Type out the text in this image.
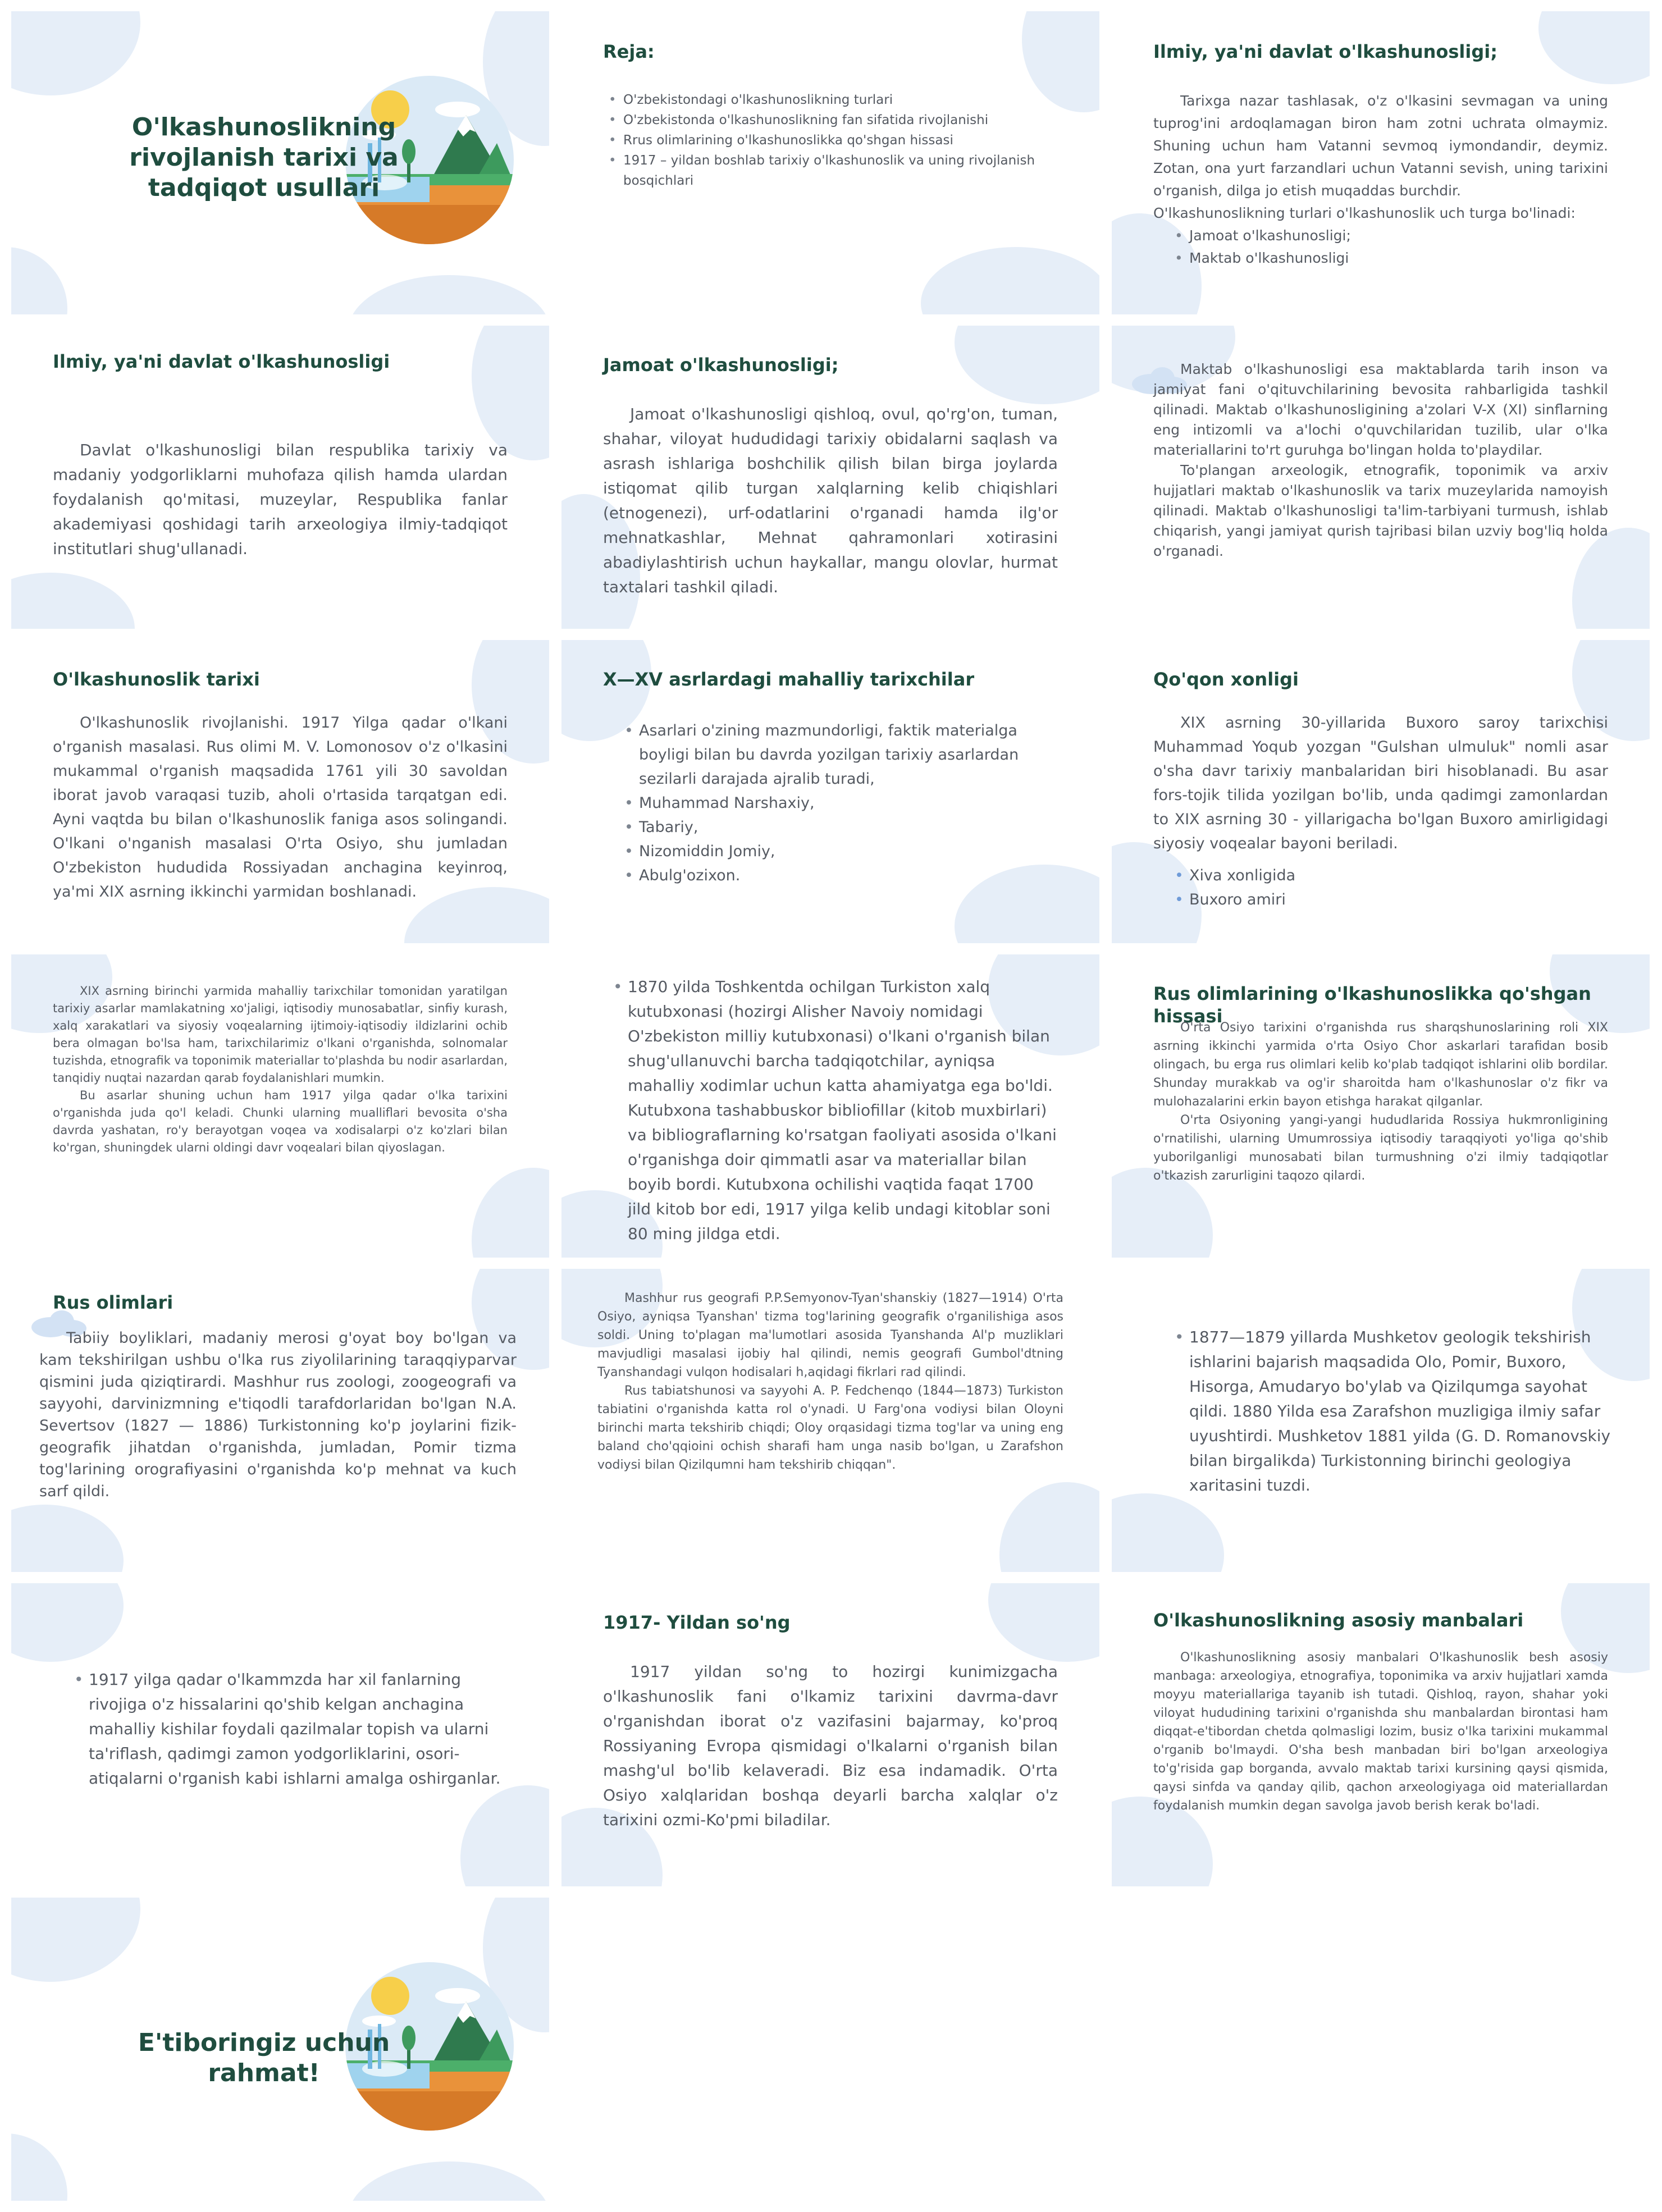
O'lkashunoslikning rivojlanish tarixi va tadqiqot usullari
Reja:
• O'zbekistondagi o'lkashunoslikning turlari
• O'zbekistonda o'lkashunoslikning fan sifatida rivojlanishi
• Rrus olimlarining o'lkashunoslikka qo'shgan hissasi
• 1917 – yildan boshlab tarixiy o'lkashunoslik va uning rivojlanish bosqichlari
Ilmiy, ya'ni davlat o'lkashunosligi;

Tarixga nazar tashlasak, o'z o'lkasini sevmagan va uning tuprog'ini ardoqlamagan biron ham zotni uchrata olmaymiz. Shuning uchun ham Vatanni sevmoq iymondandir, deymiz. Zotan, ona yurt farzandlari uchun Vatanni sevish, uning tarixini o'rganish, dilga jo etish muqaddas burchdir.

O'lkashunoslikning turlari o'lkashunoslik uch turga bo'linadi:

• Jamoat o'lkashunosligi;
• Maktab o'lkashunosligi
Ilmiy, ya'ni davlat o'lkashunosligi

Davlat o'lkashunosligi bilan respublika tarixiy va madaniy yodgorliklarni muhofaza qilish hamda ulardan foydalanish qo'mitasi, muzeylar, Respublika fanlar akademiyasi qoshidagi tarih arxeologiya ilmiy-tadqiqot institutlari shug'ullanadi.

Jamoat o'lkashunosligi;

Jamoat o'lkashunosligi qishloq, ovul, qo'rg'on, tuman, shahar, viloyat hududidagi tarixiy obidalarni saqlash va asrash ishlariga boshchilik qilish bilan birga joylarda istiqomat qilib turgan xalqlarning kelib chiqishlari (etnogenezi), urf-odatlarini o'rganadi hamda ilg'or mehnatkashlar, Mehnat qahramonlari xotirasini abadiylashtirish uchun haykallar, mangu olovlar, hurmat taxtalari tashkil qiladi.

Maktab o'lkashunosligi esa maktablarda tarih inson va jamiyat fani o'qituvchilarining bevosita rahbarligida tashkil qilinadi. Maktab o'lkashunosligining a'zolari V-X (XI) sinflarning eng intizomli va a'lochi o'quvchilaridan tuzilib, ular o'lka materiallarini to'rt guruhga bo'lingan holda to'playdilar.

To'plangan arxeologik, etnografik, toponimik va arxiv hujjatlari maktab o'lkashunoslik va tarix muzeylarida namoyish qilinadi. Maktab o'lkashunosligi ta'lim-tarbiyani turmush, ishlab chiqarish, yangi jamiyat qurish tajribasi bilan uzviy bog'liq holda o'rganadi.

O'lkashunoslik tarixi

O'lkashunoslik rivojlanishi. 1917 Yilga qadar o'lkani o'rganish masalasi. Rus olimi M. V. Lomonosov o'z o'lkasini mukammal o'rganish maqsadida 1761 yili 30 savoldan iborat javob varaqasi tuzib, aholi o'rtasida tarqatgan edi. Ayni vaqtda bu bilan o'lkashunoslik faniga asos solingandi. O'lkani o'nganish masalasi O'rta Osiyo, shu jumladan O'zbekiston hududida Rossiyadan anchagina keyinroq, ya'mi XIX asrning ikkinchi yarmidan boshlanadi.

X—XV asrlardagi mahalliy tarixchilar
• Asarlari o'zining mazmundorligi, faktik materialga boyligi bilan bu davrda yozilgan tarixiy asarlardan sezilarli darajada ajralib turadi,
• Muhammad Narshaxiy,
• Tabariy,
• Nizomiddin Jomiy,
• Abulg'ozixon.
Qo'qon xonligi

XIX asrning 30-yillarida Buxoro saroy tarixchisi Muhammad Yoqub yozgan "Gulshan ulmuluk" nomli asar o'sha davr tarixiy manbalaridan biri hisoblanadi. Bu asar fors-tojik tilida yozilgan bo'lib, unda qadimgi zamonlardan to XIX asrning 30 - yillarigacha bo'lgan Buxoro amirligidagi siyosiy voqealar bayoni beriladi.

• Xiva xonligida
• Buxoro amiri

XIX asrning birinchi yarmida mahalliy tarixchilar tomonidan yaratilgan tarixiy asarlar mamlakatning xo'jaligi, iqtisodiy munosabatlar, sinfiy kurash, xalq xarakatlari va siyosiy voqealarning ijtimoiy-iqtisodiy ildizlarini ochib bera olmagan bo'lsa ham, tarixchilarimiz o'lkani o'rganishda, solnomalar tuzishda, etnografik va toponimik materiallar to'plashda bu nodir asarlardan, tanqidiy nuqtai nazardan qarab foydalanishlari mumkin.

Bu asarlar shuning uchun ham 1917 yilga qadar o'lka tarixini o'rganishda juda qo'l keladi. Chunki ularning mualliflari bevosita o'sha davrda yashatan, ro'y berayotgan voqea va xodisalarpi o'z ko'zlari bilan ko'rgan, shuningdek ularni oldingi davr voqealari bilan qiyoslagan.

• 1870 yilda Toshkentda ochilgan Turkiston xalq kutubxonasi (hozirgi Alisher Navoiy nomidagi O'zbekiston milliy kutubxonasi) o'lkani o'rganish bilan shug'ullanuvchi barcha tadqiqotchilar, ayniqsa mahalliy xodimlar uchun katta ahamiyatga ega bo'ldi. Kutubxona tashabbuskor bibliofillar (kitob muxbirlari) va bibliograflarning ko'rsatgan faoliyati asosida o'lkani o'rganishga doir qimmatli asar va materiallar bilan boyib bordi. Kutubxona ochilishi vaqtida faqat 1700 jild kitob bor edi, 1917 yilga kelib undagi kitoblar soni 80 ming jildga etdi.
Rus olimlarining o'lkashunoslikka qo'shgan hissasi

O'rta Osiyo tarixini o'rganishda rus sharqshunoslarining roli XIX asrning ikkinchi yarmida o'rta Osiyo Chor askarlari tarafidan bosib olingach, bu erga rus olimlari kelib ko'plab tadqiqot ishlarini olib bordilar. Shunday murakkab va og'ir sharoitda ham o'lkashunoslar o'z fikr va mulohazalarini erkin bayon etishga harakat qilganlar.

O'rta Osiyoning yangi-yangi hududlarida Rossiya hukmronligining o'rnatilishi, ularning Umumrossiya iqtisodiy taraqqiyoti yo'liga qo'shib yuborilganligi munosabati bilan turmushning o'zi ilmiy tadqiqotlar o'tkazish zarurligini taqozo qilardi.

Rus olimlari

Tabiiy boyliklari, madaniy merosi g'oyat boy bo'lgan va kam tekshirilgan ushbu o'lka rus ziyolilarining taraqqiyparvar qismini juda qiziqtirardi. Mashhur rus zoologi, zoogeografi va sayyohi, darvinizmning e'tiqodli tarafdorlaridan bo'lgan N.A. Severtsov (1827 — 1886) Turkistonning ko'p joylarini fizik-geografik jihatdan o'rganishda, jumladan, Pomir tizma tog'larining orografiyasini o'rganishda ko'p mehnat va kuch sarf qildi.

Mashhur rus geografi P.P.Semyonov-Tyan'shanskiy (1827—1914) O'rta Osiyo, ayniqsa Tyanshan' tizma tog'larining geografik o'rganilishiga asos soldi. Uning to'plagan ma'lumotlari asosida Tyanshanda Al'p muzliklari mavjudligi masalasi ijobiy hal qilindi, nemis geografi Gumbol'dtning Tyanshandagi vulqon hodisalari h,aqidagi fikrlari rad qilindi.

Rus tabiatshunosi va sayyohi A. P. Fedchenqo (1844—1873) Turkiston tabiatini o'rganishda katta rol o'ynadi. U Farg'ona vodiysi bilan Oloyni birinchi marta tekshirib chiqdi; Oloy orqasidagi tizma tog'lar va uning eng baland cho'qqioini ochish sharafi ham unga nasib bo'lgan, u Zarafshon vodiysi bilan Qizilqumni ham tekshirib chiqqan".

• 1877—1879 yillarda Mushketov geologik tekshirish ishlarini bajarish maqsadida Olo, Pomir, Buxoro, Hisorga, Amudaryo bo'ylab va Qizilqumga sayohat qildi. 1880 Yilda esa Zarafshon muzligiga ilmiy safar uyushtirdi. Mushketov 1881 yilda (G. D. Romanovskiy bilan birgalikda) Turkistonning birinchi geologiya xaritasini tuzdi.
• 1917 yilga qadar o'lkammzda har xil fanlarning rivojiga o'z hissalarini qo'shib kelgan anchagina mahalliy kishilar foydali qazilmalar topish va ularni ta'riflash, qadimgi zamon yodgorliklarini, osori-atiqalarni o'rganish kabi ishlarni amalga oshirganlar.
1917- Yildan so'ng

1917 yildan so'ng to hozirgi kunimizgacha o'lkashunoslik fani o'lkamiz tarixini davrma-davr o'rganishdan iborat o'z vazifasini bajarmay, ko'proq Rossiyaning Evropa qismidagi o'lkalarni o'rganish bilan mashg'ul bo'lib kelaveradi. Biz esa indamadik. O'rta Osiyo xalqlaridan boshqa deyarli barcha xalqlar o'z tarixini ozmi-Ko'pmi biladilar.

O'lkashunoslikning asosiy manbalari

O'lkashunoslikning asosiy manbalari O'lkashunoslik besh asosiy manbaga: arxeologiya, etnografiya, toponimika va arxiv hujjatlari xamda moyyu materiallariga tayanib ish tutadi. Qishloq, rayon, shahar yoki viloyat hududining tarixini o'rganishda shu manbalardan birontasi ham diqqat-e'tibordan chetda qolmasligi lozim, busiz o'lka tarixini mukammal o'rganib bo'lmaydi. O'sha besh manbadan biri bo'lgan arxeologiya to'g'risida gap borganda, avvalo maktab tarixi kursining qaysi qismida, qaysi sinfda va qanday qilib, qachon arxeologiyaga oid materiallardan foydalanish mumkin degan savolga javob berish kerak bo'ladi.

E'tiboringiz uchun rahmat!
